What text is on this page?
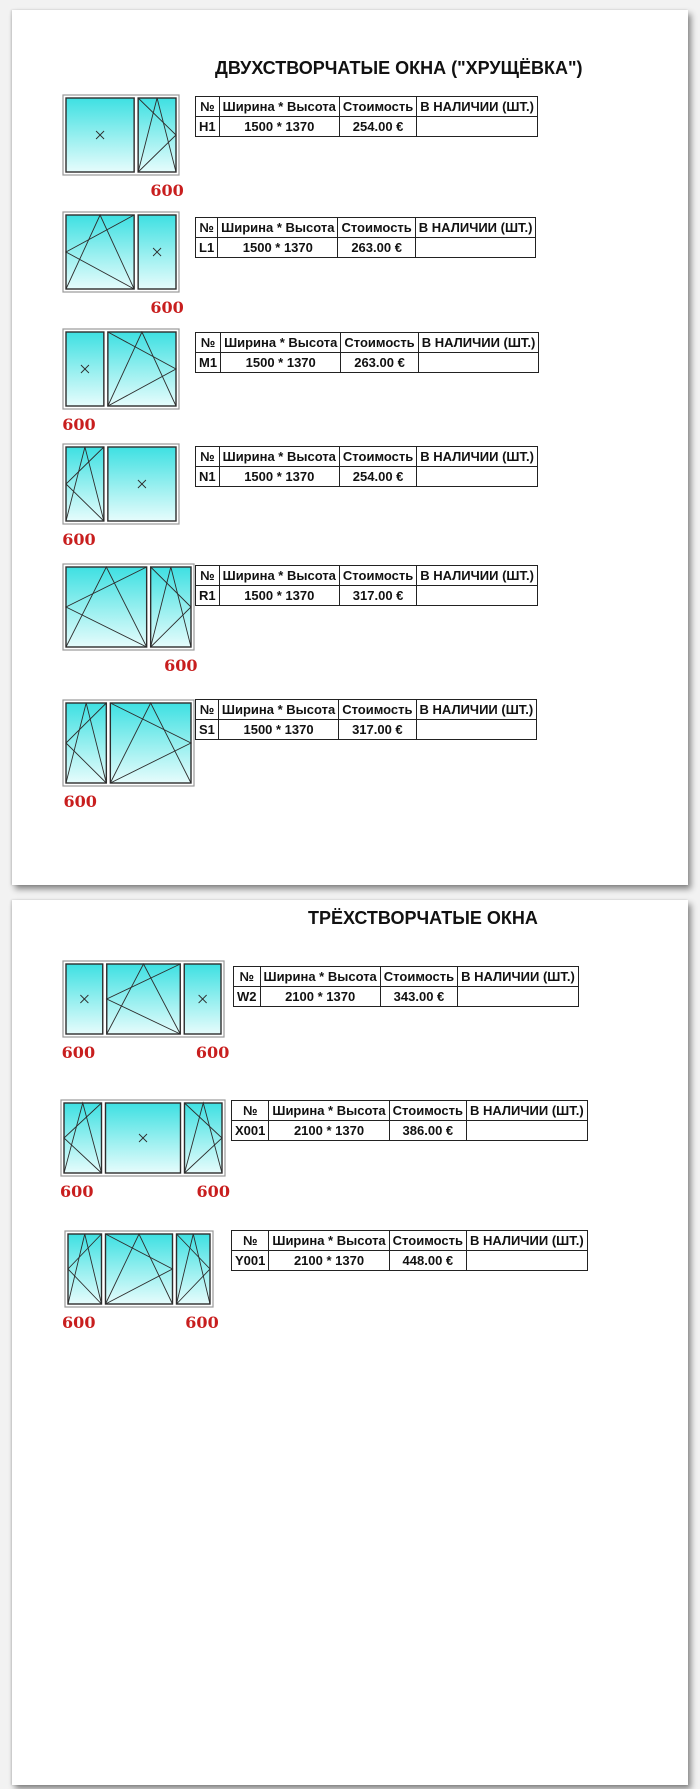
ДВУХСТВОРЧАТЫЕ ОКНА ("ХРУЩЁВКА")
600
№	Ширина * Высота	Стоимость	В НАЛИЧИИ (ШТ.)
H1	1500 * 1370	254.00 €	
600
№	Ширина * Высота	Стоимость	В НАЛИЧИИ (ШТ.)
L1	1500 * 1370	263.00 €	
600
№	Ширина * Высота	Стоимость	В НАЛИЧИИ (ШТ.)
M1	1500 * 1370	263.00 €	
600
№	Ширина * Высота	Стоимость	В НАЛИЧИИ (ШТ.)
N1	1500 * 1370	254.00 €	
600
№	Ширина * Высота	Стоимость	В НАЛИЧИИ (ШТ.)
R1	1500 * 1370	317.00 €	
600
№	Ширина * Высота	Стоимость	В НАЛИЧИИ (ШТ.)
S1	1500 * 1370	317.00 €	
ТРЁХСТВОРЧАТЫЕ ОКНА
600	600
№	Ширина * Высота	Стоимость	В НАЛИЧИИ (ШТ.)
W2	2100 * 1370	343.00 €	
600	600
№	Ширина * Высота	Стоимость	В НАЛИЧИИ (ШТ.)
X001	2100 * 1370	386.00 €	
600	600
№	Ширина * Высота	Стоимость	В НАЛИЧИИ (ШТ.)
Y001	2100 * 1370	448.00 €	
